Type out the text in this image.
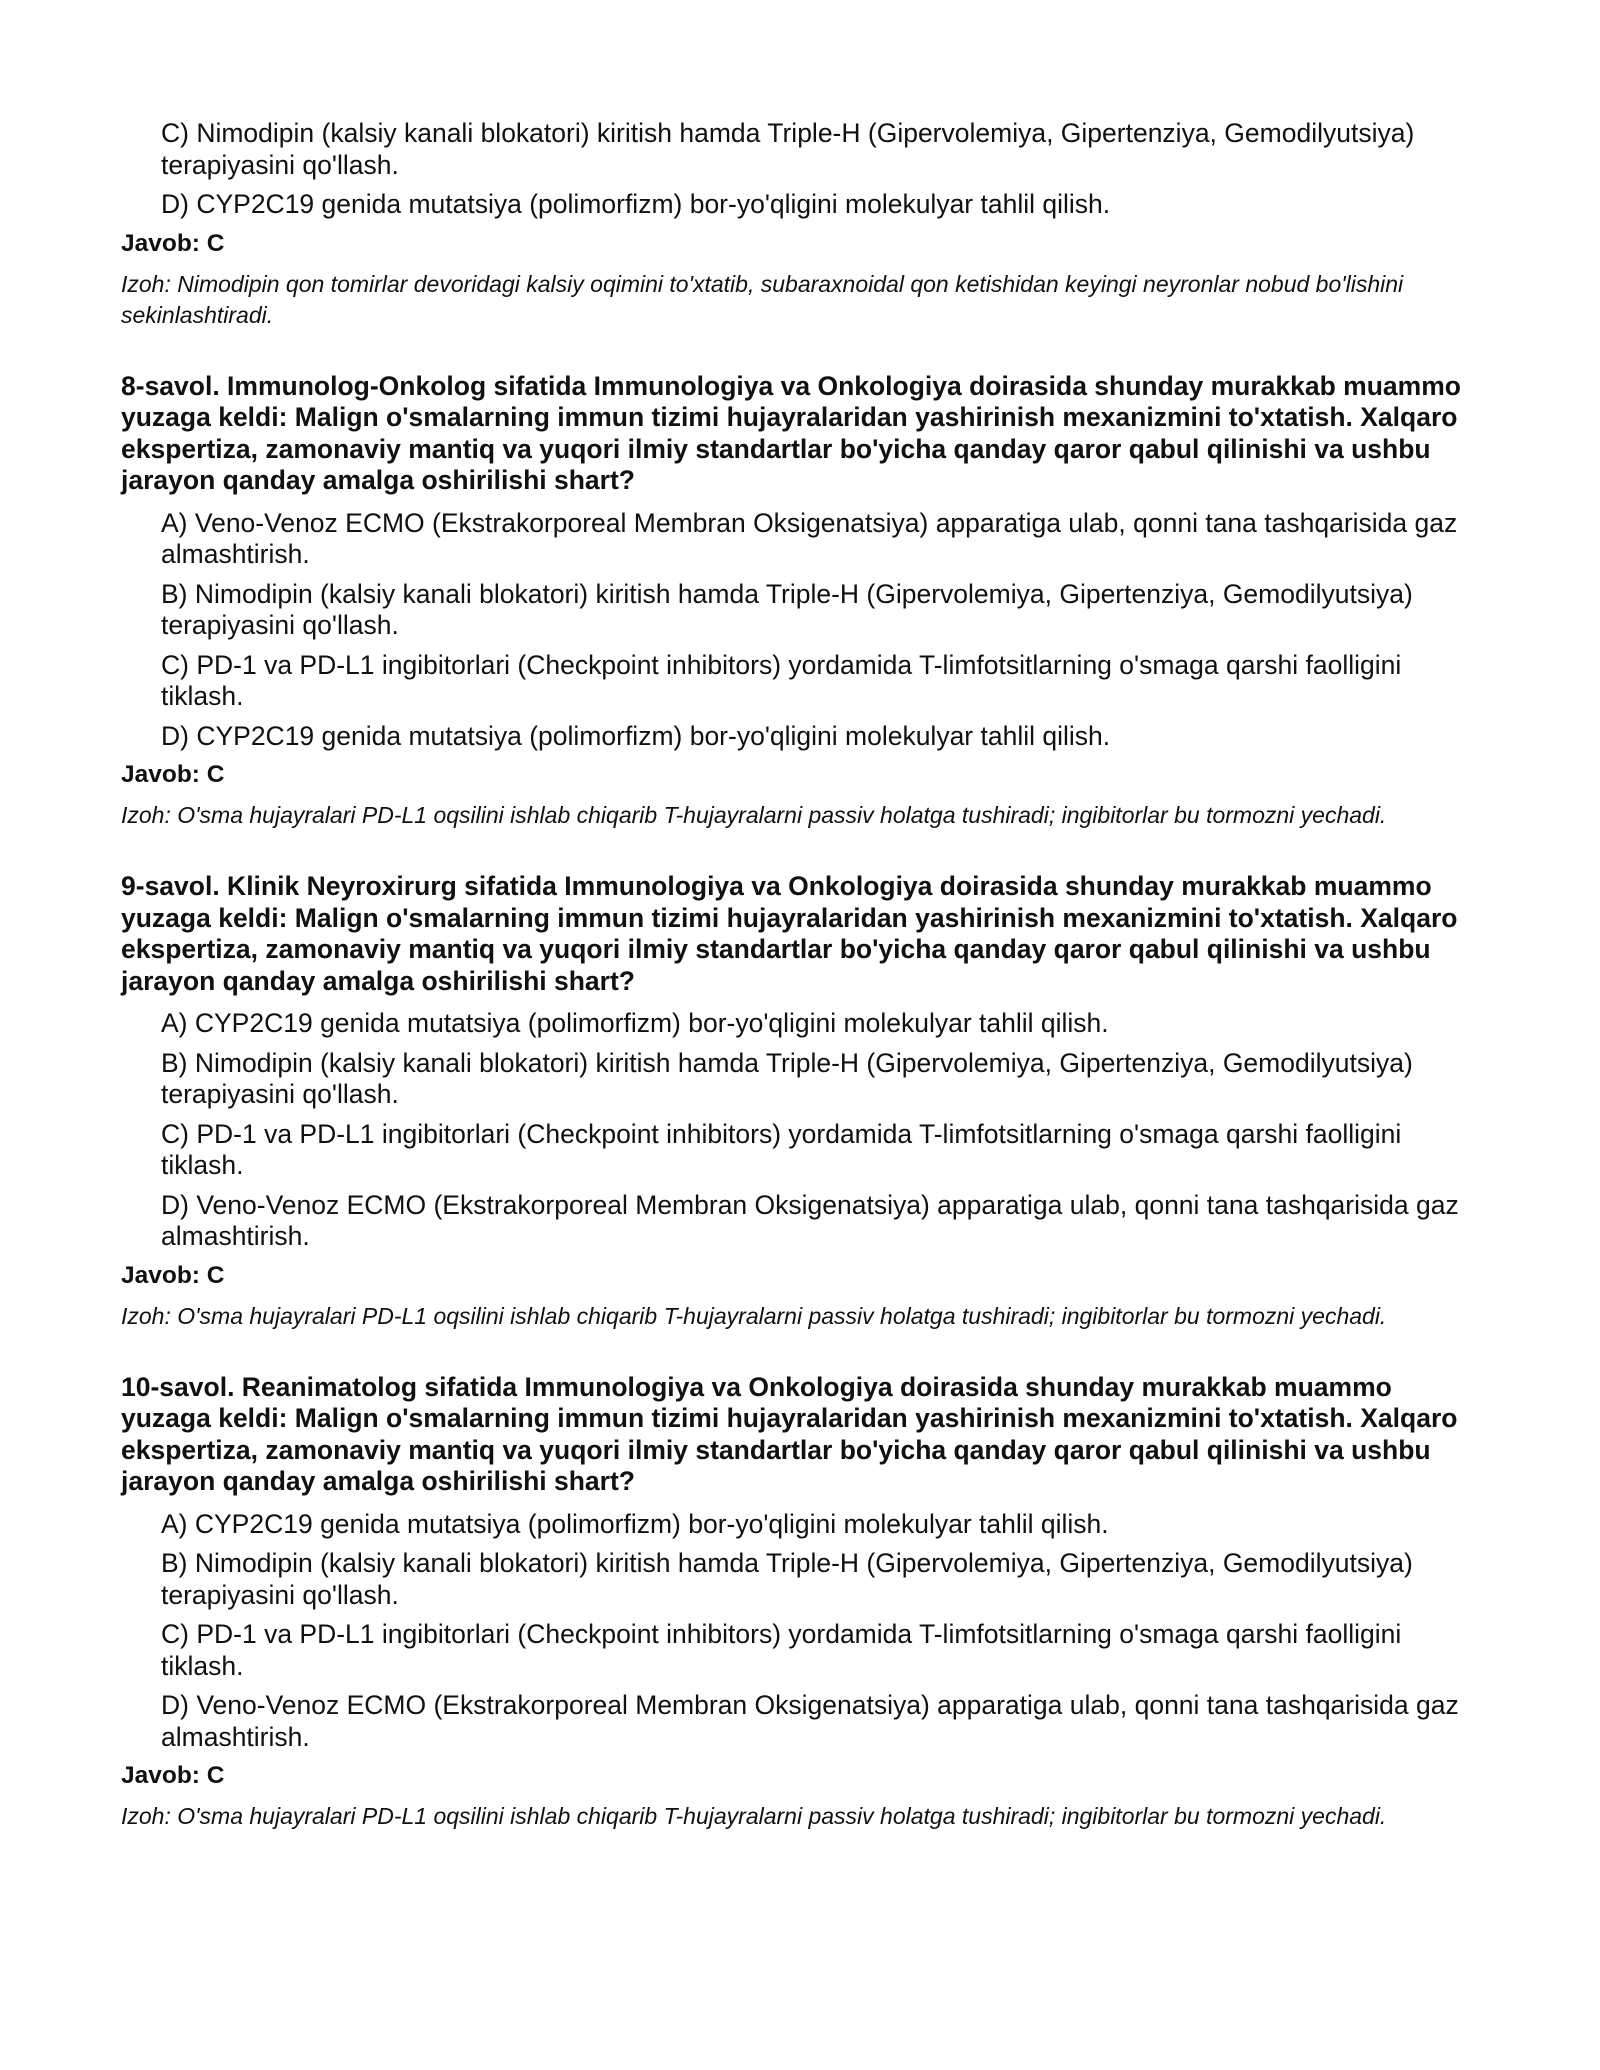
C) Nimodipin (kalsiy kanali blokatori) kiritish hamda Triple-H (Gipervolemiya, Gipertenziya, Gemodilyutsiya) terapiyasini qo'llash.

D) CYP2C19 genida mutatsiya (polimorfizm) bor-yo'qligini molekulyar tahlil qilish.

Javob: C

Izoh: Nimodipin qon tomirlar devoridagi kalsiy oqimini to'xtatib, subaraxnoidal qon ketishidan keyingi neyronlar nobud bo'lishini sekinlashtiradi.

8-savol. Immunolog-Onkolog sifatida Immunologiya va Onkologiya doirasida shunday murakkab muammo yuzaga keldi: Malign o'smalarning immun tizimi hujayralaridan yashirinish mexanizmini to'xtatish. Xalqaro ekspertiza, zamonaviy mantiq va yuqori ilmiy standartlar bo'yicha qanday qaror qabul qilinishi va ushbu jarayon qanday amalga oshirilishi shart?

A) Veno-Venoz ECMO (Ekstrakorporeal Membran Oksigenatsiya) apparatiga ulab, qonni tana tashqarisida gaz almashtirish.

B) Nimodipin (kalsiy kanali blokatori) kiritish hamda Triple-H (Gipervolemiya, Gipertenziya, Gemodilyutsiya) terapiyasini qo'llash.

C) PD-1 va PD-L1 ingibitorlari (Checkpoint inhibitors) yordamida T-limfotsitlarning o'smaga qarshi faolligini tiklash.

D) CYP2C19 genida mutatsiya (polimorfizm) bor-yo'qligini molekulyar tahlil qilish.

Javob: C

Izoh: O'sma hujayralari PD-L1 oqsilini ishlab chiqarib T-hujayralarni passiv holatga tushiradi; ingibitorlar bu tormozni yechadi.

9-savol. Klinik Neyroxirurg sifatida Immunologiya va Onkologiya doirasida shunday murakkab muammo yuzaga keldi: Malign o'smalarning immun tizimi hujayralaridan yashirinish mexanizmini to'xtatish. Xalqaro ekspertiza, zamonaviy mantiq va yuqori ilmiy standartlar bo'yicha qanday qaror qabul qilinishi va ushbu jarayon qanday amalga oshirilishi shart?

A) CYP2C19 genida mutatsiya (polimorfizm) bor-yo'qligini molekulyar tahlil qilish.

B) Nimodipin (kalsiy kanali blokatori) kiritish hamda Triple-H (Gipervolemiya, Gipertenziya, Gemodilyutsiya) terapiyasini qo'llash.

C) PD-1 va PD-L1 ingibitorlari (Checkpoint inhibitors) yordamida T-limfotsitlarning o'smaga qarshi faolligini tiklash.

D) Veno-Venoz ECMO (Ekstrakorporeal Membran Oksigenatsiya) apparatiga ulab, qonni tana tashqarisida gaz almashtirish.

Javob: C

Izoh: O'sma hujayralari PD-L1 oqsilini ishlab chiqarib T-hujayralarni passiv holatga tushiradi; ingibitorlar bu tormozni yechadi.

10-savol. Reanimatolog sifatida Immunologiya va Onkologiya doirasida shunday murakkab muammo yuzaga keldi: Malign o'smalarning immun tizimi hujayralaridan yashirinish mexanizmini to'xtatish. Xalqaro ekspertiza, zamonaviy mantiq va yuqori ilmiy standartlar bo'yicha qanday qaror qabul qilinishi va ushbu jarayon qanday amalga oshirilishi shart?

A) CYP2C19 genida mutatsiya (polimorfizm) bor-yo'qligini molekulyar tahlil qilish.

B) Nimodipin (kalsiy kanali blokatori) kiritish hamda Triple-H (Gipervolemiya, Gipertenziya, Gemodilyutsiya) terapiyasini qo'llash.

C) PD-1 va PD-L1 ingibitorlari (Checkpoint inhibitors) yordamida T-limfotsitlarning o'smaga qarshi faolligini tiklash.

D) Veno-Venoz ECMO (Ekstrakorporeal Membran Oksigenatsiya) apparatiga ulab, qonni tana tashqarisida gaz almashtirish.

Javob: C

Izoh: O'sma hujayralari PD-L1 oqsilini ishlab chiqarib T-hujayralarni passiv holatga tushiradi; ingibitorlar bu tormozni yechadi.
